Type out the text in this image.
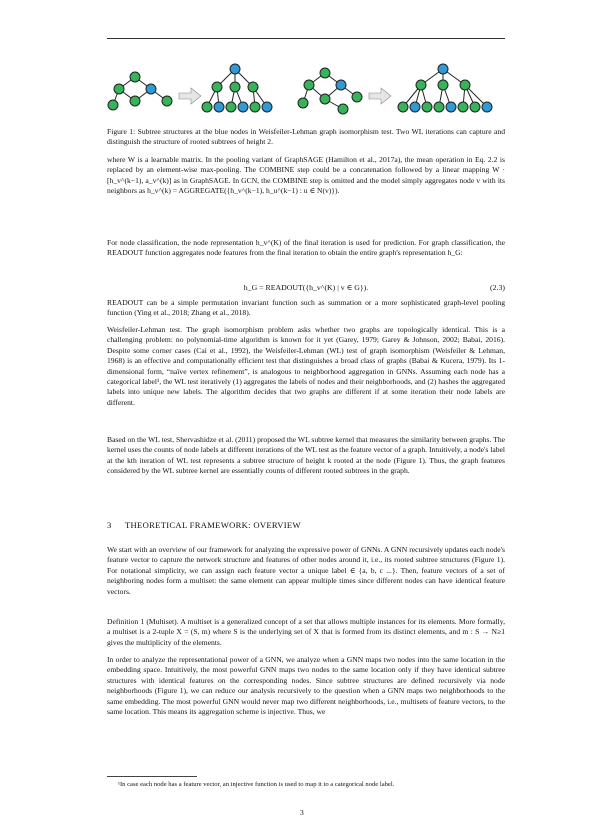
Figure 1: Subtree structures at the blue nodes in Weisfeiler-Lehman graph isomorphism test. Two WL iterations can capture and distinguish the structure of rooted subtrees of height 2.
where W is a learnable matrix. In the pooling variant of GraphSAGE (Hamilton et al., 2017a), the mean operation in Eq. 2.2 is replaced by an element-wise max-pooling. The COMBINE step could be a concatenation followed by a linear mapping W · [h_v^(k−1), a_v^(k)] as in GraphSAGE. In GCN, the COMBINE step is omitted and the model simply aggregates node v with its neighbors as h_v^(k) = AGGREGATE({h_v^(k−1), h_u^(k−1) : u ∈ N(v)}).
For node classification, the node representation h_v^(K) of the final iteration is used for prediction. For graph classification, the READOUT function aggregates node features from the final iteration to obtain the entire graph's representation h_G:
h_G = READOUT({h_v^(K) | v ∈ G}).	(2.3)
READOUT can be a simple permutation invariant function such as summation or a more sophisticated graph-level pooling function (Ying et al., 2018; Zhang et al., 2018).
Weisfeiler-Lehman test. The graph isomorphism problem asks whether two graphs are topologically identical. This is a challenging problem: no polynomial-time algorithm is known for it yet (Garey, 1979; Garey & Johnson, 2002; Babai, 2016). Despite some corner cases (Cai et al., 1992), the Weisfeiler-Lehman (WL) test of graph isomorphism (Weisfeiler & Lehman, 1968) is an effective and computationally efficient test that distinguishes a broad class of graphs (Babai & Kucera, 1979). Its 1-dimensional form, “naïve vertex refinement”, is analogous to neighborhood aggregation in GNNs. Assuming each node has a categorical label¹, the WL test iteratively (1) aggregates the labels of nodes and their neighborhoods, and (2) hashes the aggregated labels into unique new labels. The algorithm decides that two graphs are different if at some iteration their node labels are different.
Based on the WL test, Shervashidze et al. (2011) proposed the WL subtree kernel that measures the similarity between graphs. The kernel uses the counts of node labels at different iterations of the WL test as the feature vector of a graph. Intuitively, a node's label at the kth iteration of WL test represents a subtree structure of height k rooted at the node (Figure 1). Thus, the graph features considered by the WL subtree kernel are essentially counts of different rooted subtrees in the graph.
3 THEORETICAL FRAMEWORK: OVERVIEW
We start with an overview of our framework for analyzing the expressive power of GNNs. A GNN recursively updates each node's feature vector to capture the network structure and features of other nodes around it, i.e., its rooted subtree structures (Figure 1). For notational simplicity, we can assign each feature vector a unique label ∈ {a, b, c ...}. Then, feature vectors of a set of neighboring nodes form a multiset: the same element can appear multiple times since different nodes can have identical feature vectors.
Definition 1 (Multiset). A multiset is a generalized concept of a set that allows multiple instances for its elements. More formally, a multiset is a 2-tuple X = (S, m) where S is the underlying set of X that is formed from its distinct elements, and m : S → N≥1 gives the multiplicity of the elements.
In order to analyze the representational power of a GNN, we analyze when a GNN maps two nodes into the same location in the embedding space. Intuitively, the most powerful GNN maps two nodes to the same location only if they have identical subtree structures with identical features on the corresponding nodes. Since subtree structures are defined recursively via node neighborhoods (Figure 1), we can reduce our analysis recursively to the question when a GNN maps two neighborhoods to the same embedding. The most powerful GNN would never map two different neighborhoods, i.e., multisets of feature vectors, to the same location. This means its aggregation scheme is injective. Thus, we
¹In case each node has a feature vector, an injective function is used to map it to a categorical node label.
3
